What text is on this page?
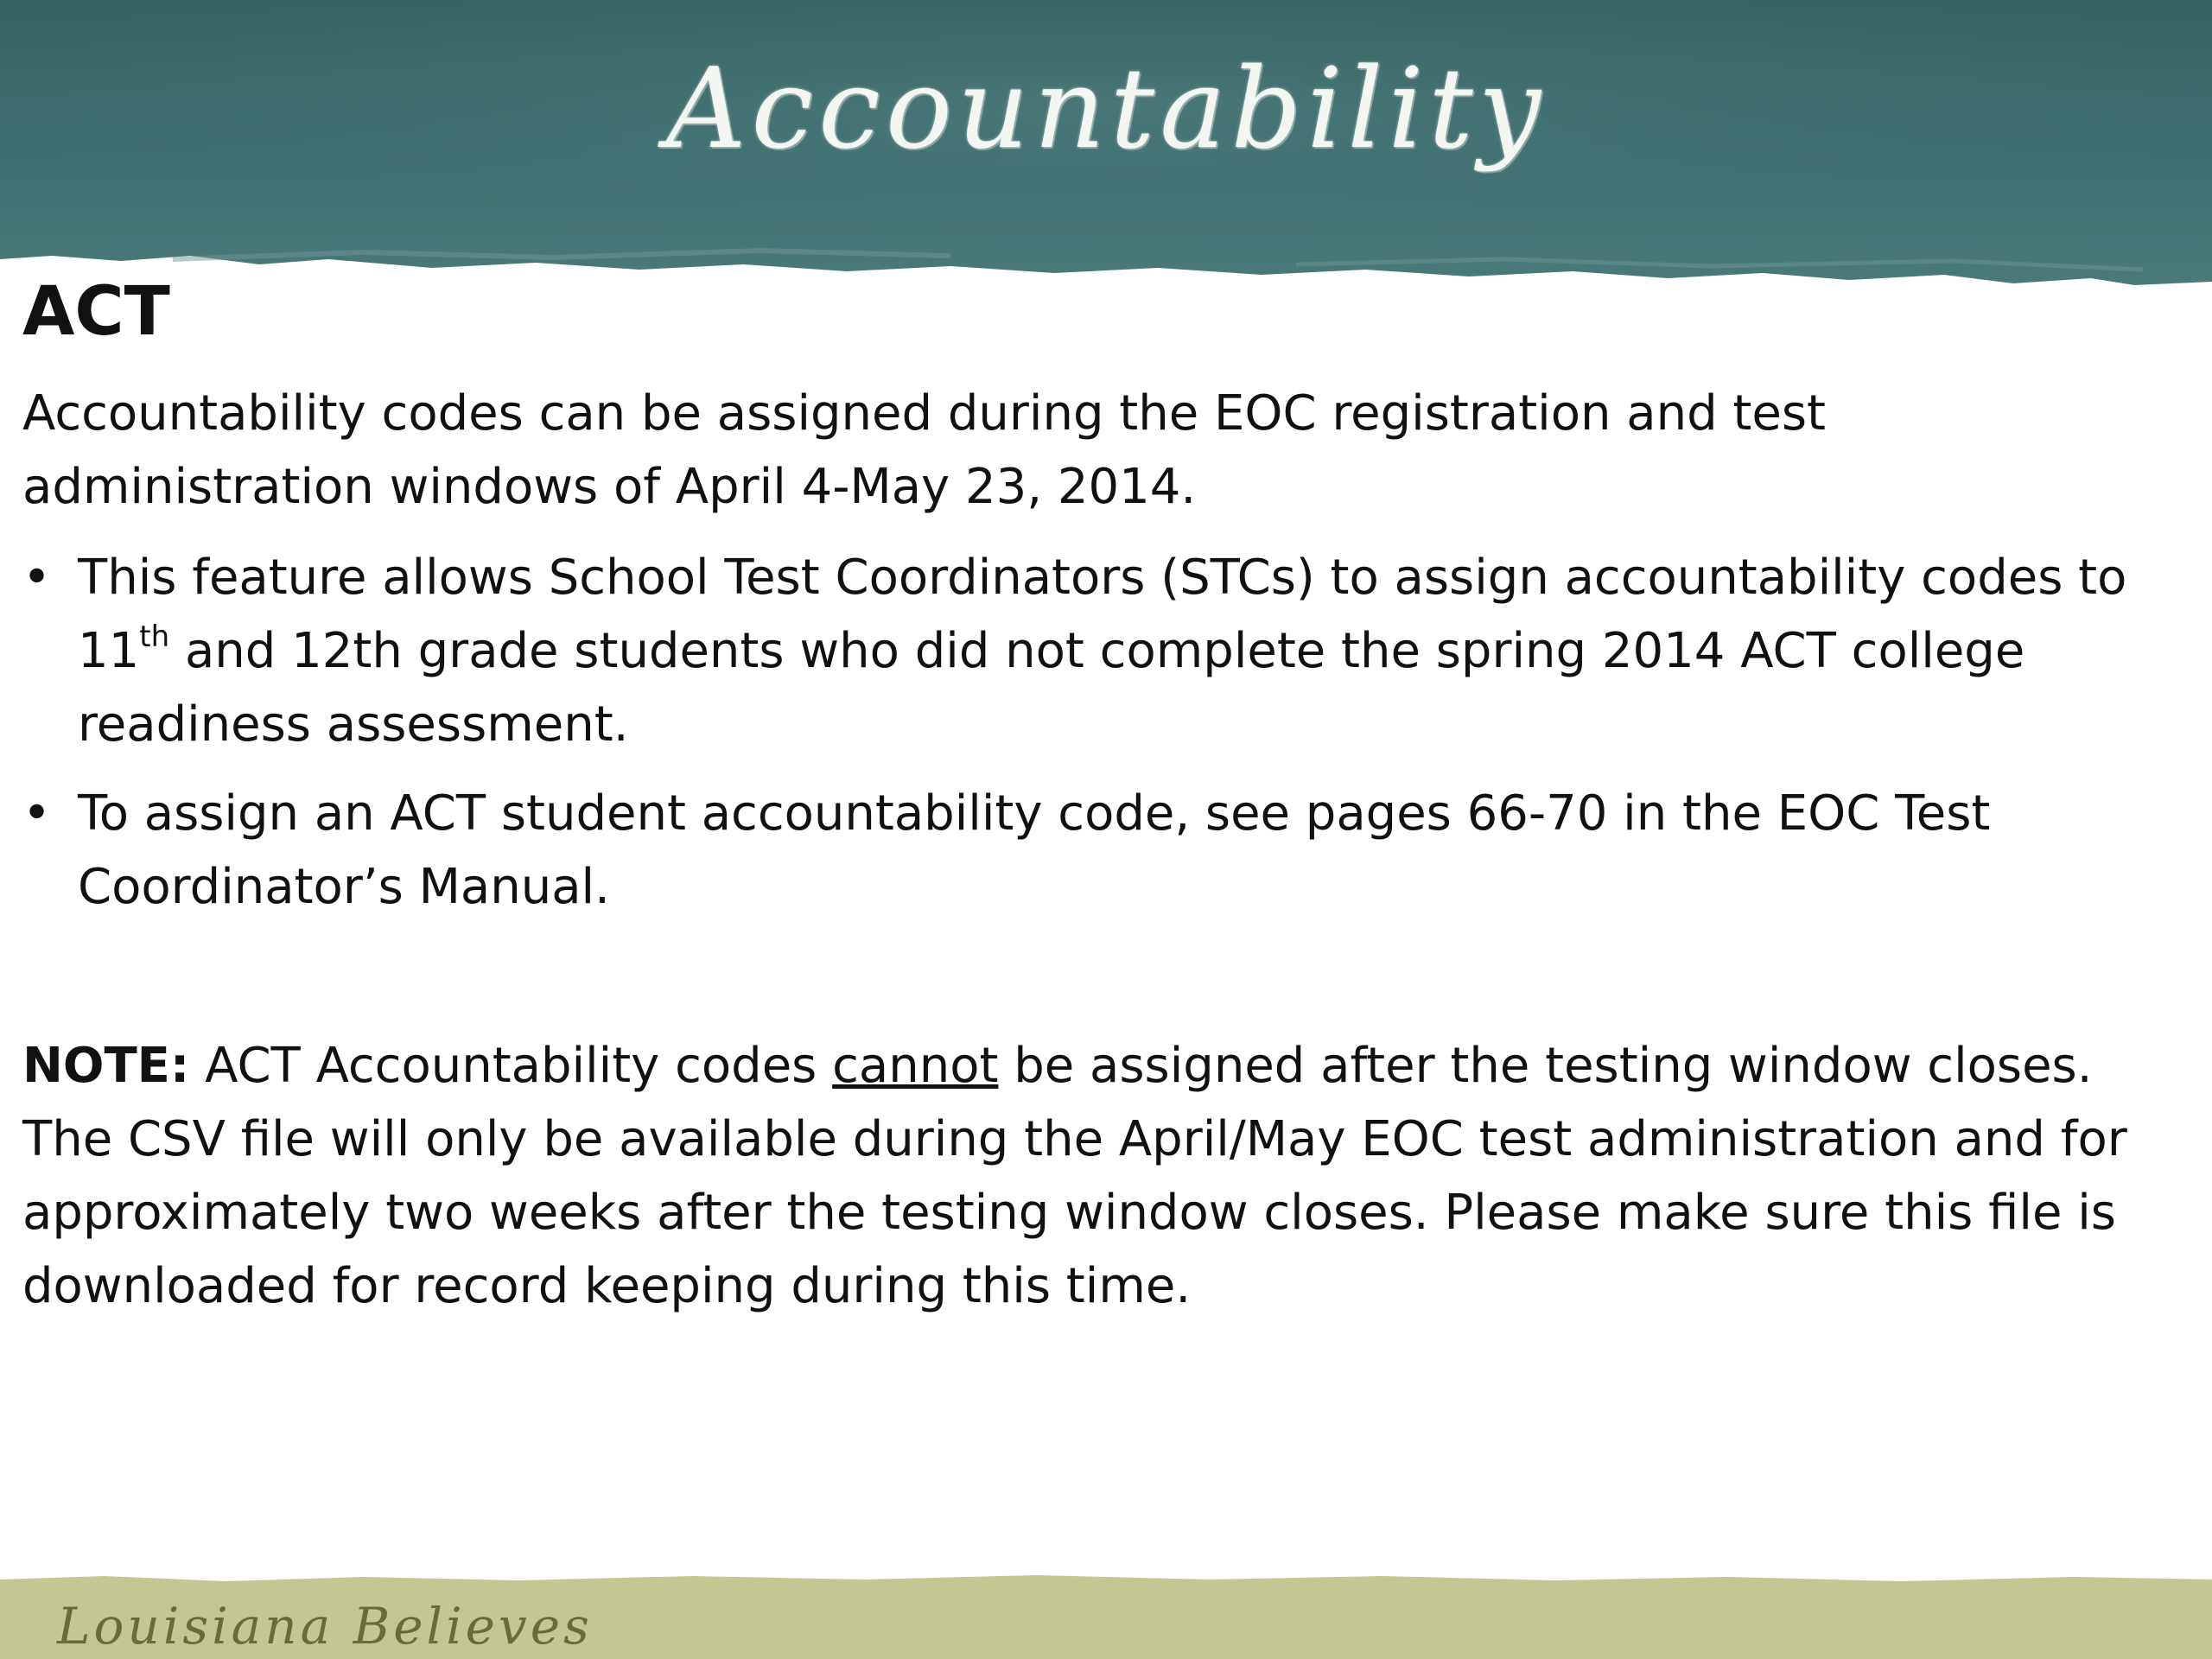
Accountability
ACT

Accountability codes can be assigned during the EOC registration and test administration windows of April 4-May 23, 2014.

• This feature allows School Test Coordinators (STCs) to assign accountability codes to 11th and 12th grade students who did not complete the spring 2014 ACT college readiness assessment.
• To assign an ACT student accountability code, see pages 66-70 in the EOC Test Coordinator’s Manual.

NOTE: ACT Accountability codes cannot be assigned after the testing window closes. The CSV file will only be available during the April/May EOC test administration and for approximately two weeks after the testing window closes. Please make sure this file is downloaded for record keeping during this time.

Louisiana Believes
